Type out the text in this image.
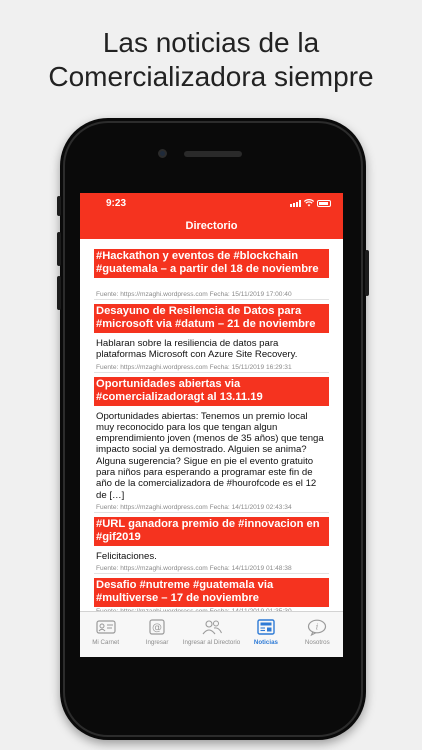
Las noticias de la
Comercializadora siempre
9:23
Directorio
#Hackathon y eventos de #blockchain #guatemala – a partir del 18 de noviembre
Fuente: https://mzaghi.wordpress.com Fecha: 15/11/2019 17:00:40
Desayuno de Resilencia de Datos para #microsoft via #datum – 21 de noviembre
Hablaran sobre la resiliencia de datos para plataformas Microsoft con Azure Site Recovery.
Fuente: https://mzaghi.wordpress.com Fecha: 15/11/2019 16:29:31
Oportunidades abiertas via #comercializadoragt al 13.11.19
Oportunidades abiertas: Tenemos un premio local muy reconocido para los que tengan algun emprendimiento joven (menos de 35 años) que tenga impacto social ya demostrado. Alguien se anima? Alguna sugerencia? Sigue en pie el evento gratuito para niños para esperando a programar este fin de año de la comercializadora de #hourofcode es el 12 de […]
Fuente: https://mzaghi.wordpress.com Fecha: 14/11/2019 02:43:34
#URL ganadora premio de #innovacion en #gif2019
Felicitaciones.
Fuente: https://mzaghi.wordpress.com Fecha: 14/11/2019 01:48:38
Desafio #nutreme #guatemala via #multiverse – 17 de noviembre
Mi Carnet
@
Ingresar Ingresar al Directorio Noticias
i
Nosotros
